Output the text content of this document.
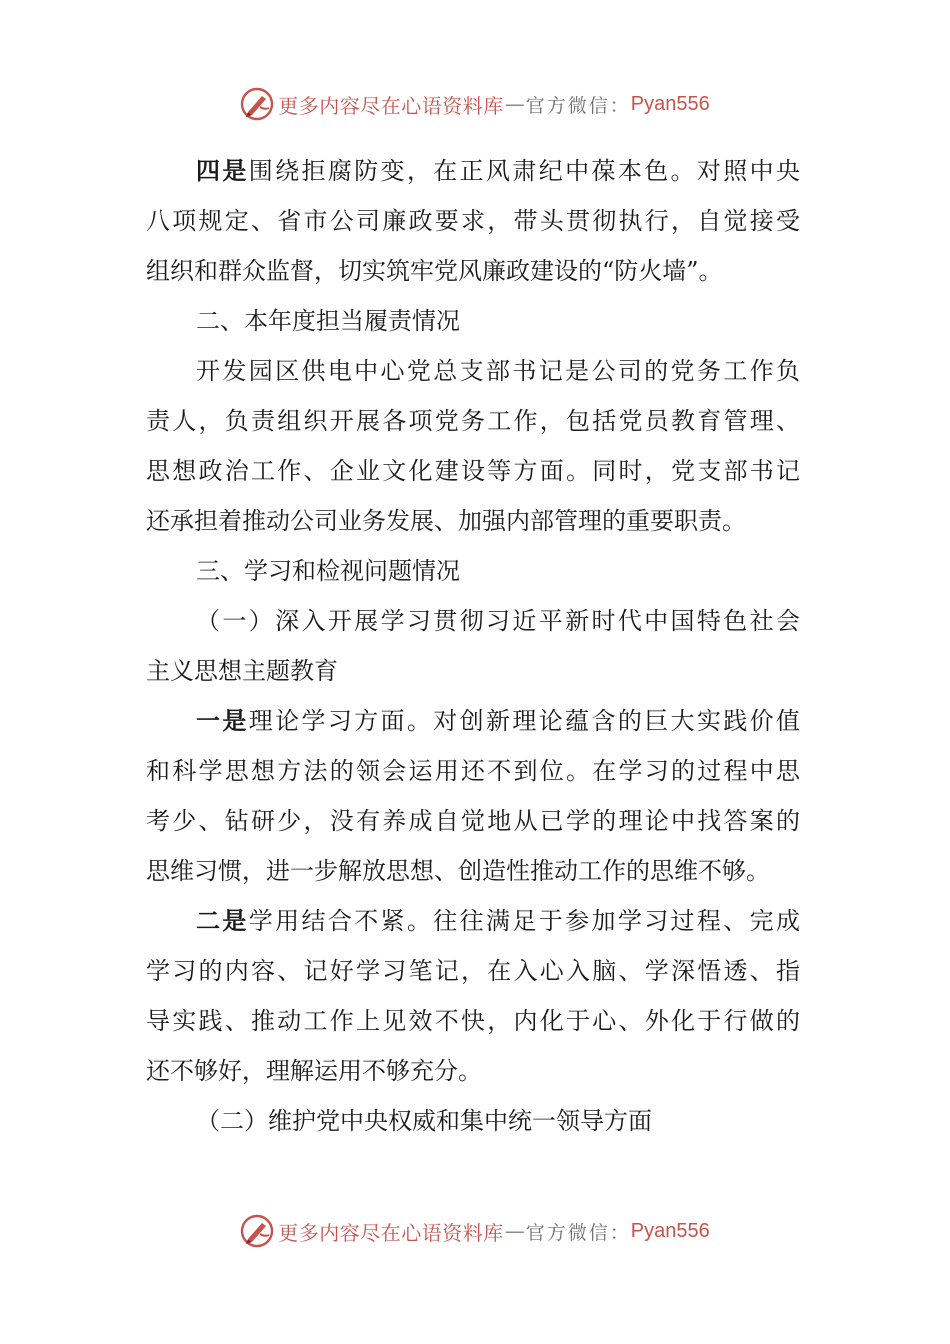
更多内容尽在心语资料库 — 官方微信： Pyan556
四是围绕拒腐防变，在正风肃纪中葆本色。对照中央
八项规定、省市公司廉政要求，带头贯彻执行，自觉接受
组织和群众监督，切实筑牢党风廉政建设的“防火墙”。
二、本年度担当履责情况
开发园区供电中心党总支部书记是公司的党务工作负
责人，负责组织开展各项党务工作，包括党员教育管理、
思想政治工作、企业文化建设等方面。同时，党支部书记
还承担着推动公司业务发展、加强内部管理的重要职责。
三、学习和检视问题情况
（一）深入开展学习贯彻习近平新时代中国特色社会
主义思想主题教育
一是理论学习方面。对创新理论蕴含的巨大实践价值
和科学思想方法的领会运用还不到位。在学习的过程中思
考少、钻研少，没有养成自觉地从已学的理论中找答案的
思维习惯，进一步解放思想、创造性推动工作的思维不够。
二是学用结合不紧。往往满足于参加学习过程、完成
学习的内容、记好学习笔记，在入心入脑、学深悟透、指
导实践、推动工作上见效不快，内化于心、外化于行做的
还不够好，理解运用不够充分。
（二）维护党中央权威和集中统一领导方面
更多内容尽在心语资料库 — 官方微信： Pyan556
